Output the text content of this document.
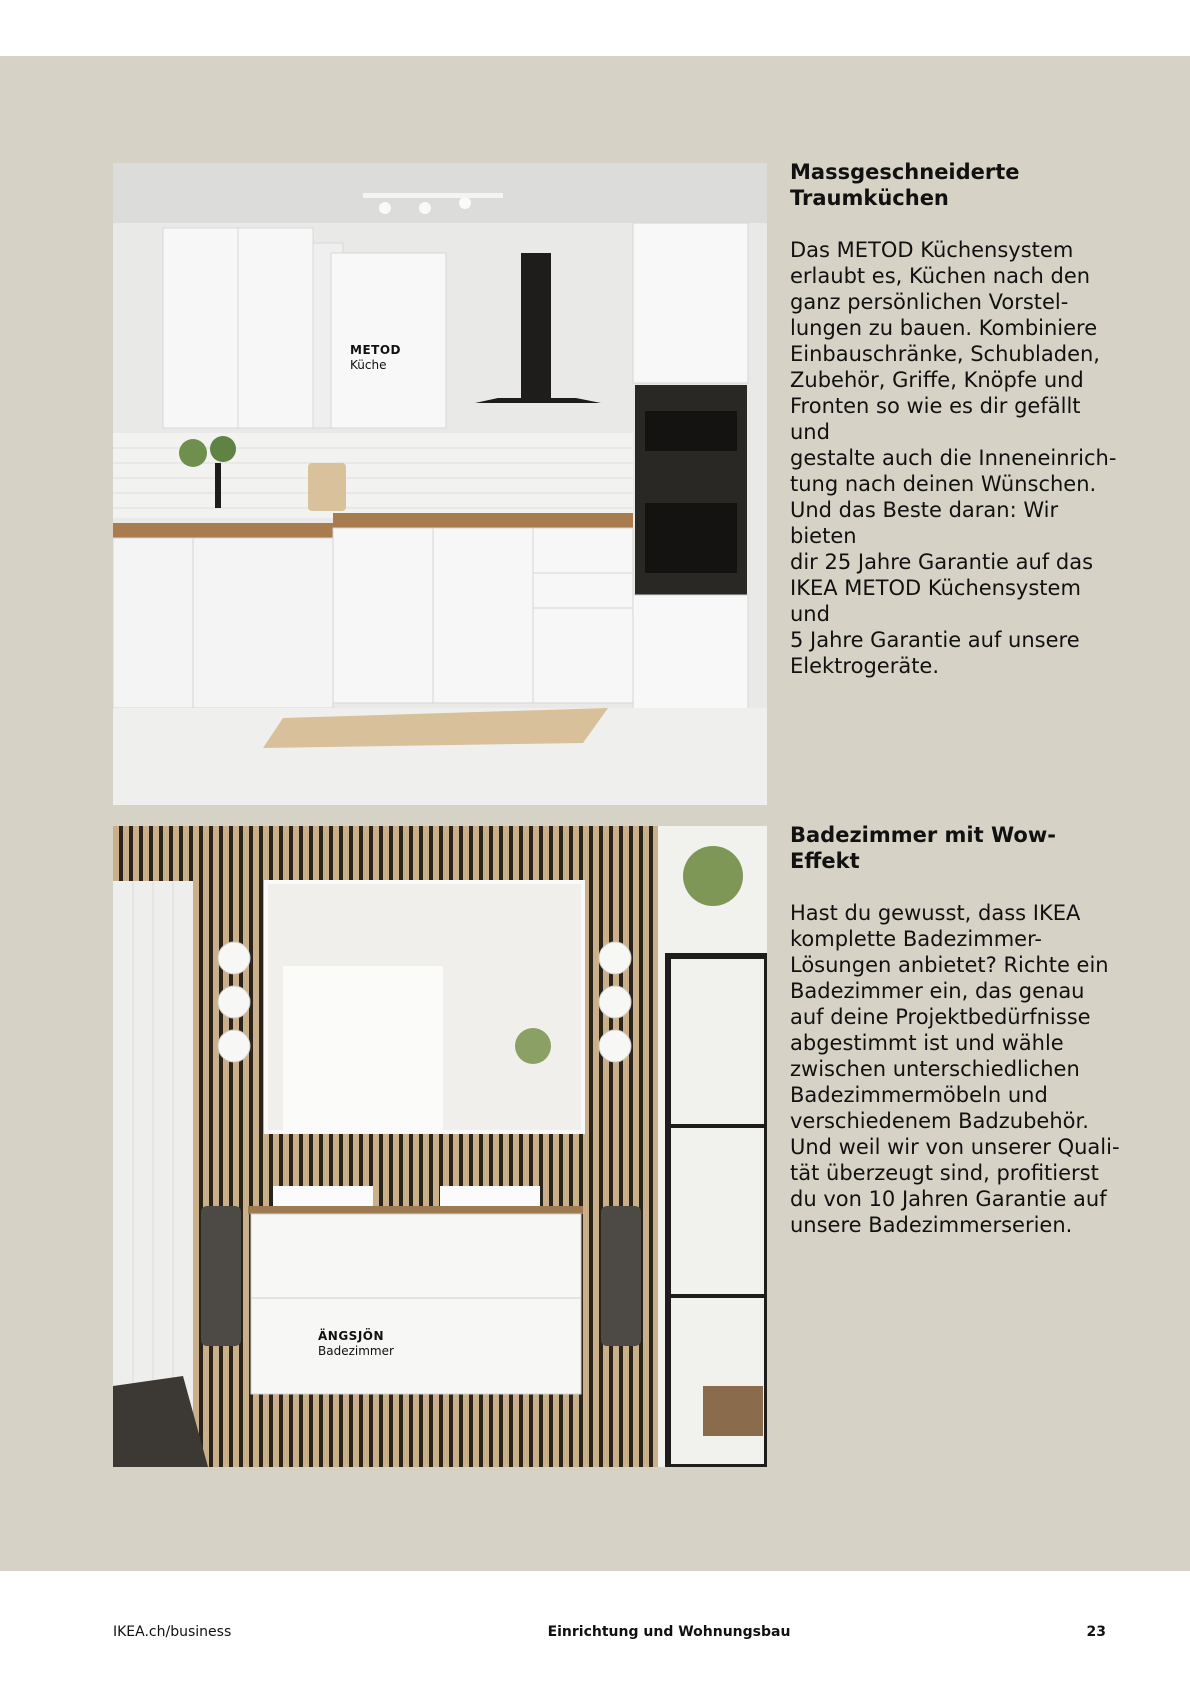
METOD
Küche
ÄNGSJÖN
Badezimmer
Massgeschneiderte Traumküchen

Das METOD Küchensystem
erlaubt es, Küchen nach den
ganz persönlichen Vorstel-
lungen zu bauen. Kombiniere
Einbauschränke, Schubladen,
Zubehör, Griffe, Knöpfe und
Fronten so wie es dir gefällt und
gestalte auch die Inneneinrich-
tung nach deinen Wünschen.
Und das Beste daran: Wir bieten
dir 25 Jahre Garantie auf das
IKEA METOD Küchensystem und
5 Jahre Garantie auf unsere
Elektrogeräte.

Badezimmer mit Wow-Effekt

Hast du gewusst, dass IKEA
komplette Badezimmer-
Lösungen anbietet? Richte ein
Badezimmer ein, das genau
auf deine Projektbedürfnisse
abgestimmt ist und wähle
zwischen unterschiedlichen
Badezimmermöbeln und
verschiedenem Badzubehör.
Und weil wir von unserer Quali-
tät überzeugt sind, profitierst
du von 10 Jahren Garantie auf
unsere Badezimmerserien.

IKEA.ch/business	Einrichtung und Wohnungsbau	23
